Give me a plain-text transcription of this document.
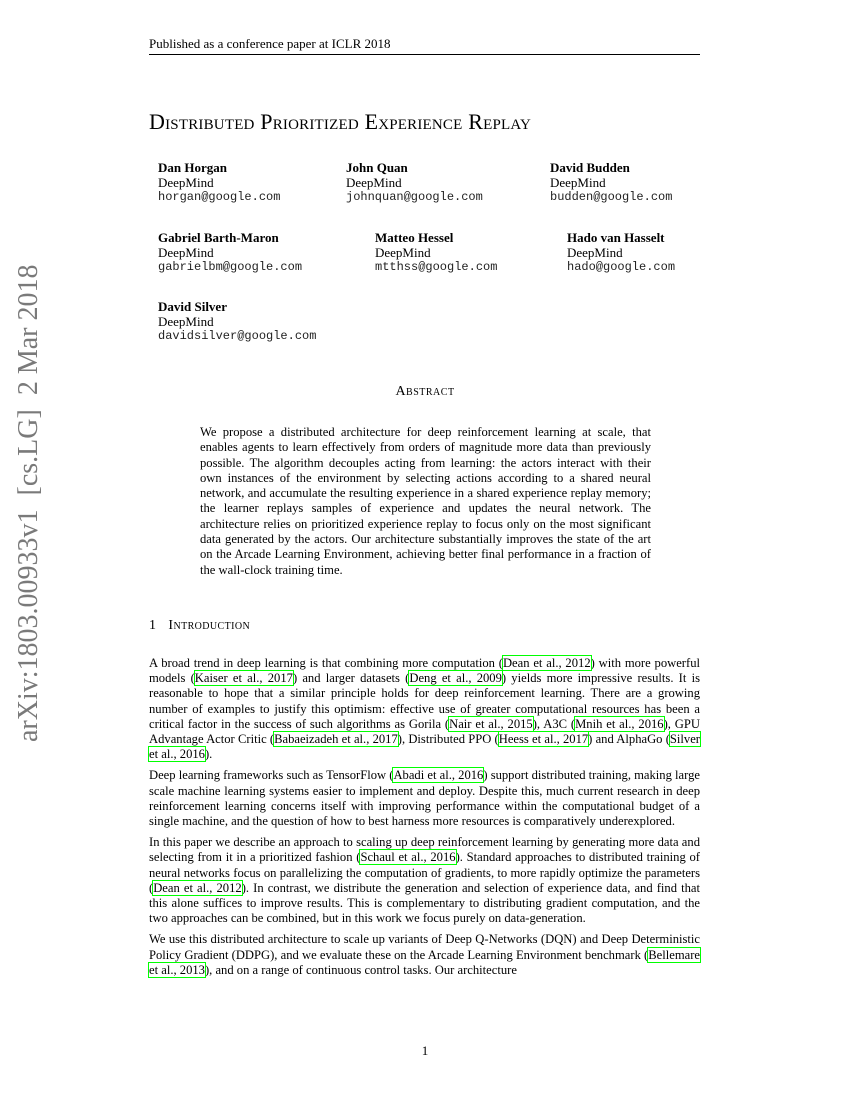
Published as a conference paper at ICLR 2018
Distributed Prioritized Experience Replay
Dan Horgan
DeepMind
horgan@google.com
John Quan
DeepMind
johnquan@google.com
David Budden
DeepMind
budden@google.com
Gabriel Barth-Maron
DeepMind
gabrielbm@google.com
Matteo Hessel
DeepMind
mtthss@google.com
Hado van Hasselt
DeepMind
hado@google.com
David Silver
DeepMind
davidsilver@google.com
Abstract

We propose a distributed architecture for deep reinforcement learning at scale, that enables agents to learn effectively from orders of magnitude more data than previously possible. The algorithm decouples acting from learning: the actors interact with their own instances of the environment by selecting actions according to a shared neural network, and accumulate the resulting experience in a shared experience replay memory; the learner replays samples of experience and updates the neural network. The architecture relies on prioritized experience replay to focus only on the most significant data generated by the actors. Our architecture substantially improves the state of the art on the Arcade Learning Environment, achieving better final performance in a fraction of the wall-clock training time.

1 Introduction

A broad trend in deep learning is that combining more computation (Dean et al., 2012) with more powerful models (Kaiser et al., 2017) and larger datasets (Deng et al., 2009) yields more impressive results. It is reasonable to hope that a similar principle holds for deep reinforcement learning. There are a growing number of examples to justify this optimism: effective use of greater computational resources has been a critical factor in the success of such algorithms as Gorila (Nair et al., 2015), A3C (Mnih et al., 2016), GPU Advantage Actor Critic (Babaeizadeh et al., 2017), Distributed PPO (Heess et al., 2017) and AlphaGo (Silver et al., 2016).

Deep learning frameworks such as TensorFlow (Abadi et al., 2016) support distributed training, making large scale machine learning systems easier to implement and deploy. Despite this, much current research in deep reinforcement learning concerns itself with improving performance within the computational budget of a single machine, and the question of how to best harness more resources is comparatively underexplored.

In this paper we describe an approach to scaling up deep reinforcement learning by generating more data and selecting from it in a prioritized fashion (Schaul et al., 2016). Standard approaches to distributed training of neural networks focus on parallelizing the computation of gradients, to more rapidly optimize the parameters (Dean et al., 2012). In contrast, we distribute the generation and selection of experience data, and find that this alone suffices to improve results. This is complementary to distributing gradient computation, and the two approaches can be combined, but in this work we focus purely on data-generation.

We use this distributed architecture to scale up variants of Deep Q-Networks (DQN) and Deep Deterministic Policy Gradient (DDPG), and we evaluate these on the Arcade Learning Environment benchmark (Bellemare et al., 2013), and on a range of continuous control tasks. Our architecture

arXiv:1803.00933v1  [cs.LG]  2 Mar 2018
1
